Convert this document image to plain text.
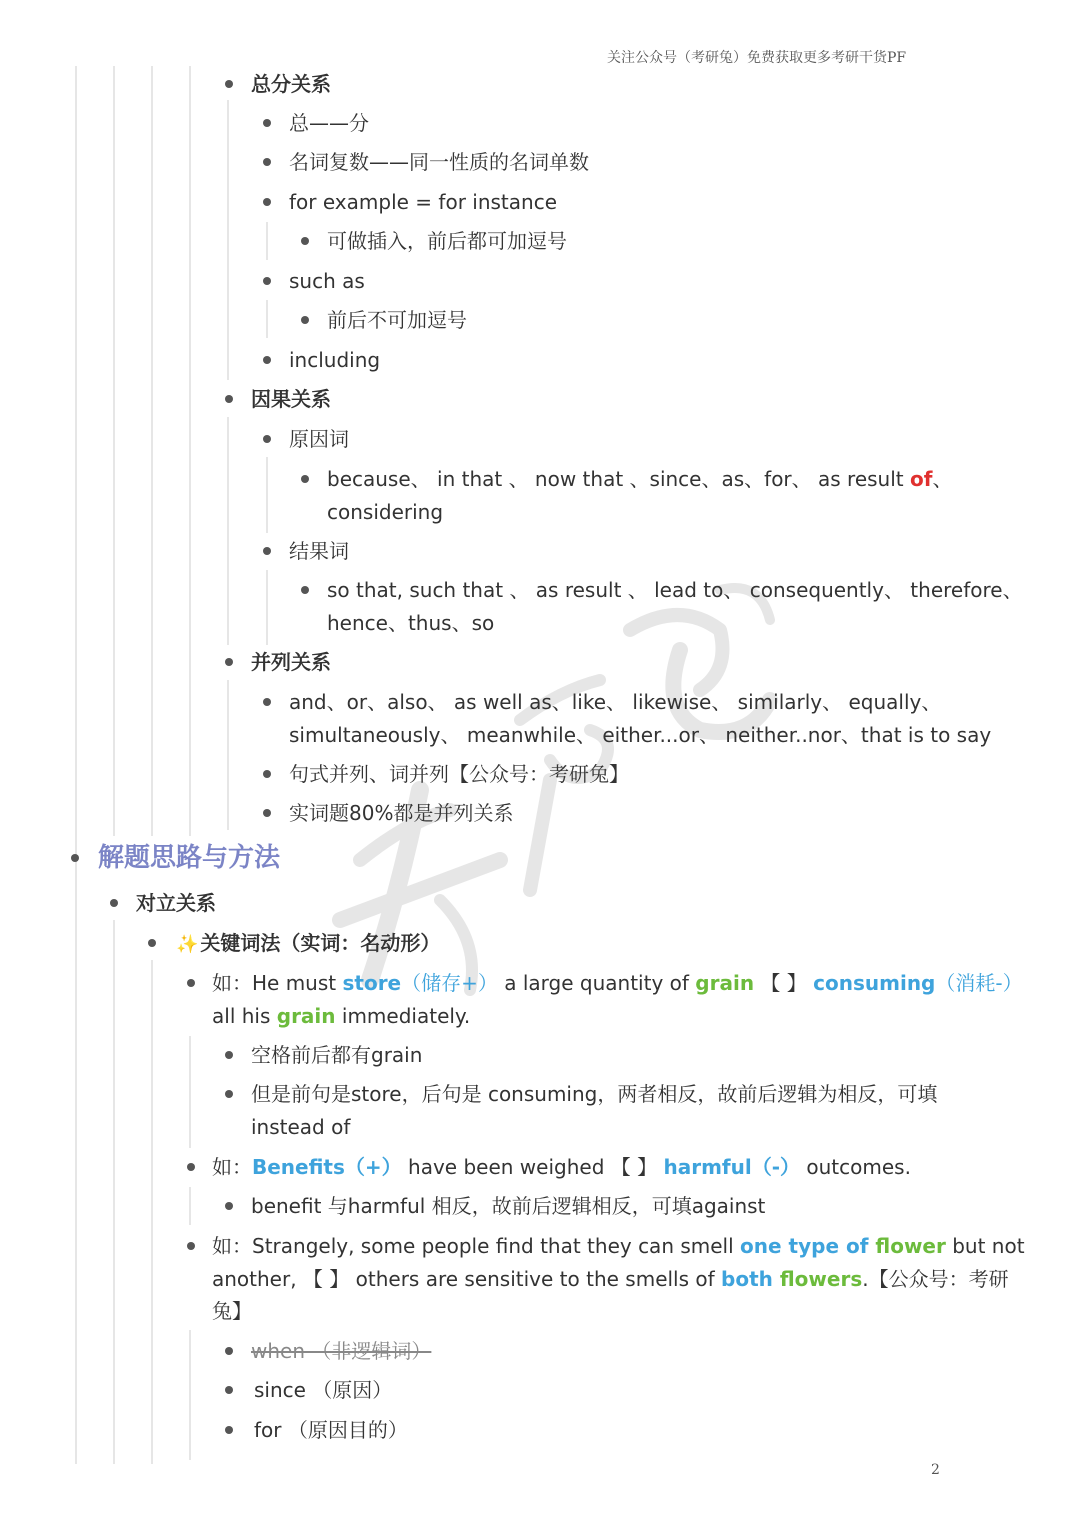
关注公众号（考研兔）免费获取更多考研干货PF
2
总分关系
总——分
名词复数——同一性质的名词单数
for example = for instance
可做插入，前后都可加逗号
such as
前后不可加逗号
including
因果关系
原因词
because、 in that 、 now that 、since、as、for、 as result of、
considering
结果词
so that, such that 、 as result 、 lead to、 consequently、 therefore、
hence、thus、so
并列关系
and、or、also、 as well as、like、 likewise、 similarly、 equally、
simultaneously、 meanwhile、 either...or、 neither..nor、that is to say
句式并列、词并列【公众号：考研兔】
实词题80%都是并列关系
解题思路与方法
对立关系
✨ 关键词法（实词：名动形）
如：He must store（储存+） a large quantity of grain 【 】 consuming（消耗-）
all his grain immediately.
空格前后都有grain
但是前句是store，后句是 consuming，两者相反，故前后逻辑为相反，可填
instead of
如：Benefits（+） have been weighed 【 】 harmful（-） outcomes.
benefit 与harmful 相反，故前后逻辑相反，可填against
如：Strangely, some people find that they can smell one type of flower but not
another, 【 】 others are sensitive to the smells of both flowers.【公众号：考研
兔】
when （非逻辑词）
since （原因）
for （原因目的）
